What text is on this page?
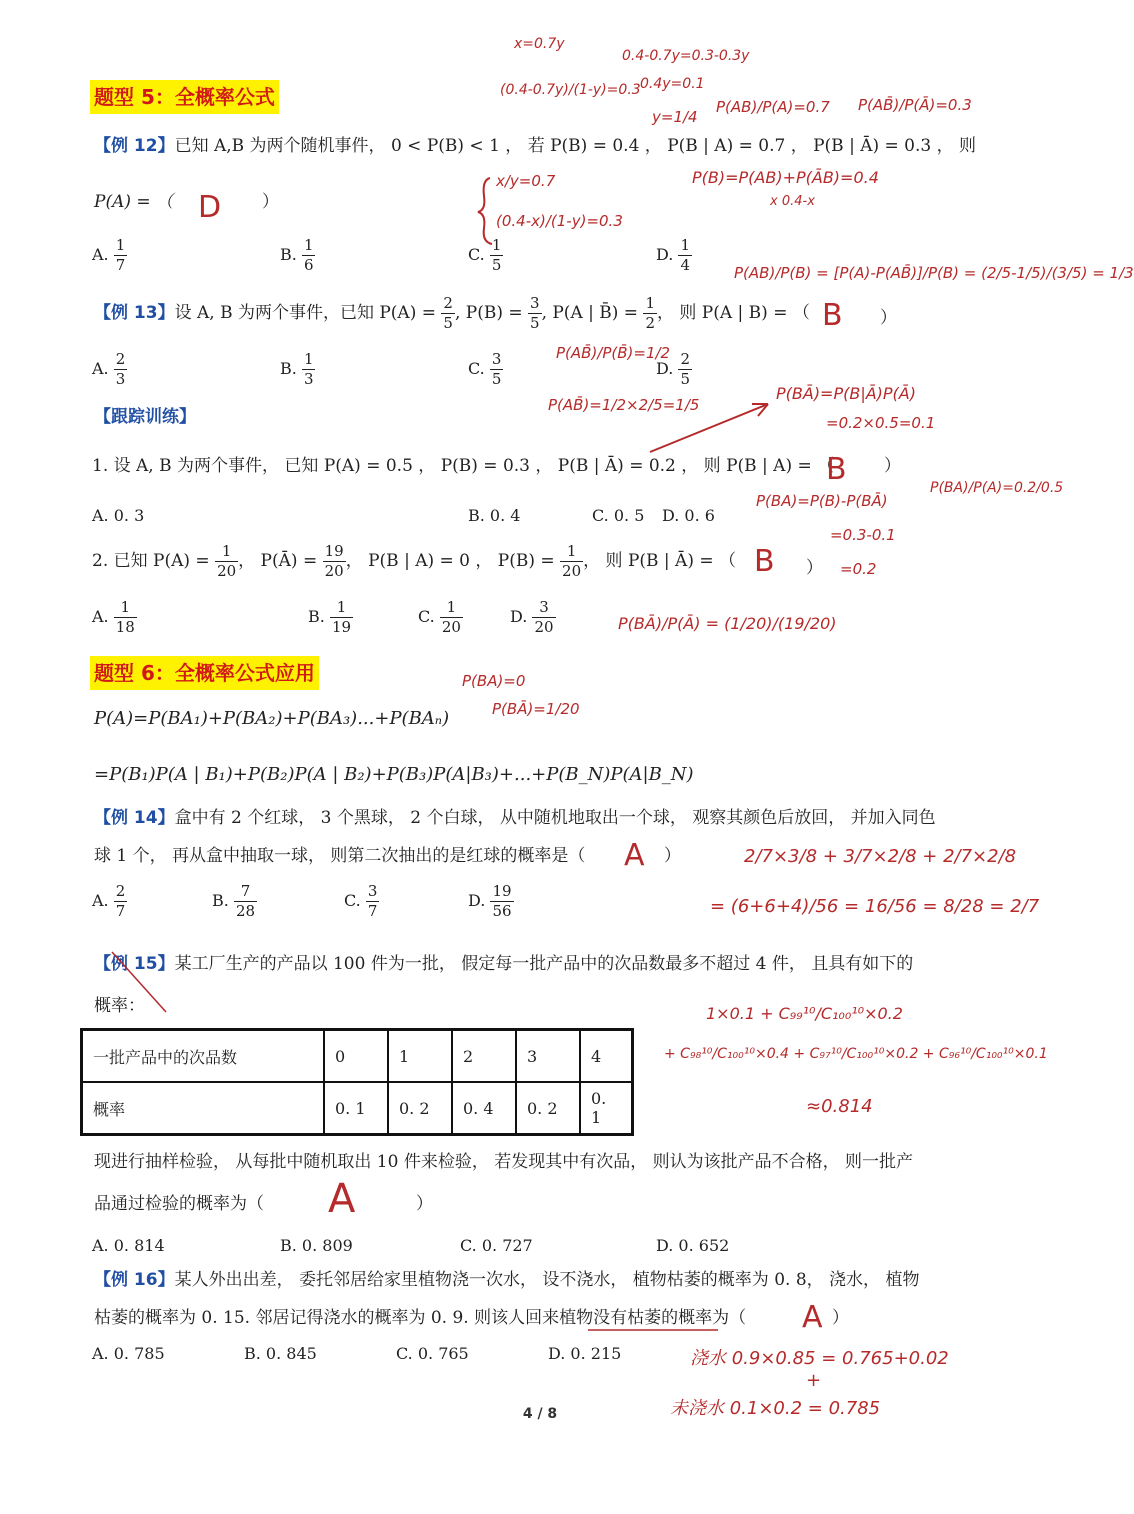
题型 5：全概率公式
【例 12】已知 A,B 为两个随机事件， 0 < P(B) < 1 ， 若 P(B) = 0.4 ， P(B | A) = 0.7 ， P(B | Ā) = 0.3 ， 则
P(A) = （	）
A. $\frac{1}{7}$	B. $\frac{1}{6}$	C. $\frac{1}{5}$	D. $\frac{1}{4}$
【例 13】设 A, B 为两个事件，已知 $P(A) = \frac{2}{5}$ , $P(B) = \frac{3}{5}$ , P(A | B̄) = $\frac{1}{2}$ ， 则 P(A | B) = （	）
A. $\frac{2}{3}$	B. $\frac{1}{3}$	C. $\frac{3}{5}$	D. $\frac{2}{5}$
【跟踪训练】
1. 设 A, B 为两个事件， 已知 P(A) = 0.5 ， P(B) = 0.3 ， P(B | Ā) = 0.2 ， 则 P(B | A) = （	）
A. 0. 3	B. 0. 4	C. 0. 5 D. 0. 6
2. 已知 $P(A) = \frac{1}{20}$ ， P(Ā) = $\frac{19}{20}$ ， P(B | A) = 0 ， $P(B) = \frac{1}{20}$ ， 则 P(B | Ā) = （	）
A. $\frac{1}{18}$	B. $\frac{1}{19}$	C. $\frac{1}{20}$	D. $\frac{3}{20}$
题型 6：全概率公式应用
P(A)=P(BA₁)+P(BA₂)+P(BA₃)...+P(BAₙ)
=P(B₁)P(A | B₁)+P(B₂)P(A | B₂)+P(B₃)P(A|B₃)+...+P(B_N)P(A|B_N)
【例 14】盒中有 2 个红球， 3 个黑球， 2 个白球， 从中随机地取出一个球， 观察其颜色后放回， 并加入同色
球 1 个， 再从盒中抽取一球， 则第二次抽出的是红球的概率是（	）
A. $\frac{2}{7}$	B. $\frac{7}{28}$	C. $\frac{3}{7}$	D. $\frac{19}{56}$
【例 15】某工厂生产的产品以 100 件为一批， 假定每一批产品中的次品数最多不超过 4 件， 且具有如下的
概率：
一批产品中的次品数	0	1	2	3	4
概率	0. 1	0. 2	0. 4	0. 2	0. 1
现进行抽样检验， 从每批中随机取出 10 件来检验， 若发现其中有次品， 则认为该批产品不合格， 则一批产
品通过检验的概率为（	）
A. 0. 814	B. 0. 809	C. 0. 727	D. 0. 652
【例 16】某人外出出差， 委托邻居给家里植物浇一次水， 设不浇水， 植物枯萎的概率为 0. 8， 浇水， 植物
枯萎的概率为 0. 15. 邻居记得浇水的概率为 0. 9. 则该人回来植物没有枯萎的概率为（	）
A. 0. 785	B. 0. 845	C. 0. 765	D. 0. 215
D
B
B
B
A
A
A
x=0.7y
0.4-0.7y=0.3-0.3y
0.4y=0.1
y=1/4
(0.4-0.7y)/(1-y)=0.3
P(AB)/P(A)=0.7 P(AB̄)/P(Ā)=0.3
P(B)=P(AB)+P(ĀB)=0.4
x 0.4-x
x/y=0.7
(0.4-x)/(1-y)=0.3
P(AB)/P(B) = [P(A)-P(AB̄)]/P(B) = (2/5-1/5)/(3/5) = 1/3
P(AB̄)/P(B̄)=1/2
P(AB̄)=1/2×2/5=1/5
P(BĀ)=P(B|Ā)P(Ā)
=0.2×0.5=0.1
P(BA)=P(B)-P(BĀ)
=0.3-0.1
=0.2
P(BA)/P(A)=0.2/0.5
P(BĀ)/P(Ā) = (1/20)/(19/20)
P(BA)=0
P(BĀ)=1/20
2/7×3/8 + 3/7×2/8 + 2/7×2/8
= (6+6+4)/56 = 16/56 = 8/28 = 2/7
1×0.1 + C₉₉¹⁰/C₁₀₀¹⁰×0.2
+ C₉₈¹⁰/C₁₀₀¹⁰×0.4 + C₉₇¹⁰/C₁₀₀¹⁰×0.2 + C₉₆¹⁰/C₁₀₀¹⁰×0.1
≈0.814
浇水 0.9×0.85 = 0.765+0.02
+
未浇水 0.1×0.2 = 0.785
4 / 8
